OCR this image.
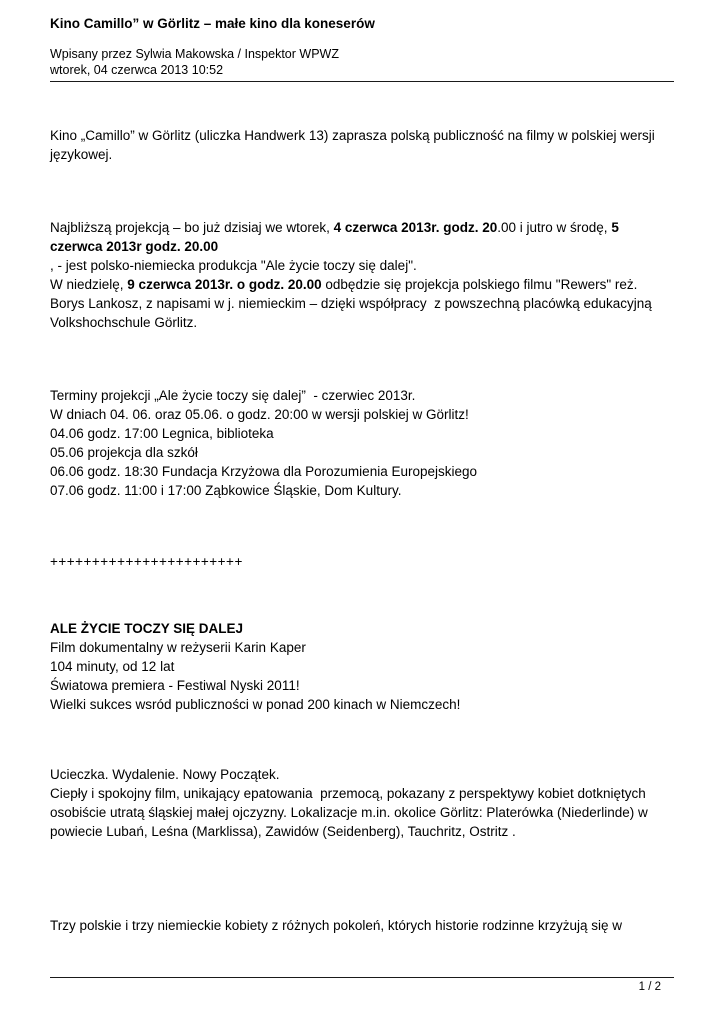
Kino Camillo” w Görlitz – małe kino dla koneserów
Wpisany przez Sylwia Makowska / Inspektor WPWZ
wtorek, 04 czerwca 2013 10:52

Kino „Camillo” w Görlitz (uliczka Handwerk 13) zaprasza polską publiczność na filmy w polskiej wersji językowej.

Najbliższą projekcją – bo już dzisiaj we wtorek, 4 czerwca 2013r. godz. 20.00 i jutro w środę, 5 czerwca 2013r godz. 20.00
, - jest polsko-niemiecka produkcja "Ale życie toczy się dalej".
W niedzielę, 9 czerwca 2013r. o godz. 20.00 odbędzie się projekcja polskiego filmu "Rewers" reż. Borys Lankosz, z napisami w j. niemieckim – dzięki współpracy  z powszechną placówką edukacyjną Volkshochschule Görlitz.

Terminy projekcji „Ale życie toczy się dalej”  - czerwiec 2013r.
W dniach 04. 06. oraz 05.06. o godz. 20:00 w wersji polskiej w Görlitz!
04.06 godz. 17:00 Legnica, biblioteka
05.06 projekcja dla szkół
06.06 godz. 18:30 Fundacja Krzyżowa dla Porozumienia Europejskiego
07.06 godz. 11:00 i 17:00 Ząbkowice Śląskie, Dom Kultury.

+++++++++++++++++++++++

ALE ŻYCIE TOCZY SIĘ DALEJ
Film dokumentalny w reżyserii Karin Kaper
104 minuty, od 12 lat
Światowa premiera - Festiwal Nyski 2011!
Wielki sukces wsród publiczności w ponad 200 kinach w Niemczech!

Ucieczka. Wydalenie. Nowy Początek.
Ciepły i spokojny film, unikający epatowania  przemocą, pokazany z perspektywy kobiet dotkniętych osobiście utratą śląskiej małej ojczyzny. Lokalizacje m.in. okolice Görlitz: Platerówka (Niederlinde) w powiecie Lubań, Leśna (Marklissa), Zawidów (Seidenberg), Tauchritz, Ostritz .

Trzy polskie i trzy niemieckie kobiety z różnych pokoleń, których historie rodzinne krzyżują się w

1 / 2
